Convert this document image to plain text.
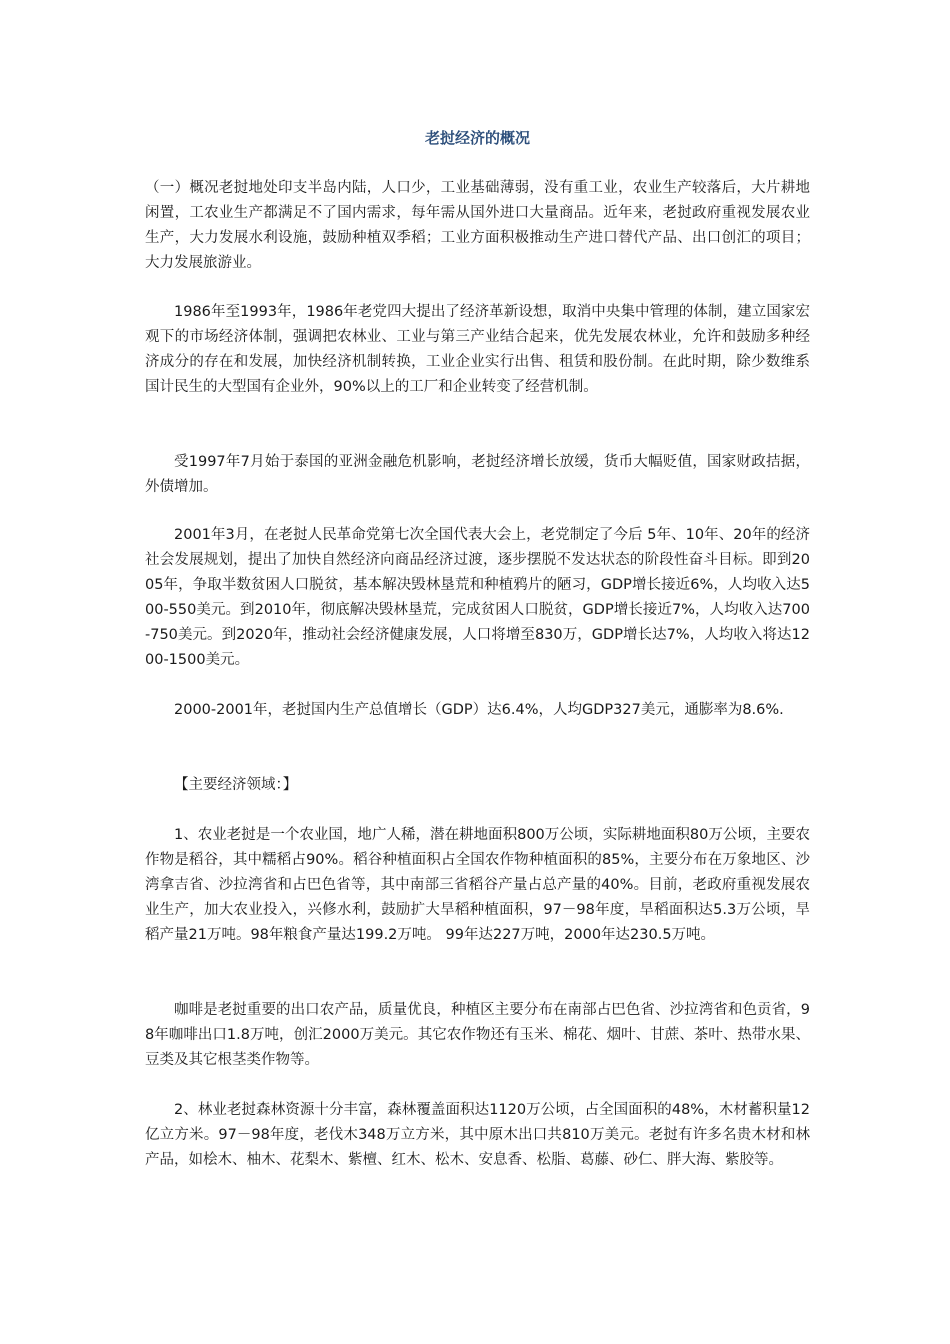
老挝经济的概况

（一）概况老挝地处印支半岛内陆，人口少，工业基础薄弱，没有重工业，农业生产较落后，大片耕地闲置，工农业生产都满足不了国内需求，每年需从国外进口大量商品。近年来，老挝政府重视发展农业生产，大力发展水利设施，鼓励种植双季稻；工业方面积极推动生产进口替代产品、出口创汇的项目；大力发展旅游业。

1986年至1993年，1986年老党四大提出了经济革新设想，取消中央集中管理的体制，建立国家宏观下的市场经济体制，强调把农林业、工业与第三产业结合起来，优先发展农林业，允许和鼓励多种经济成分的存在和发展，加快经济机制转换，工业企业实行出售、租赁和股份制。在此时期，除少数维系国计民生的大型国有企业外，90%以上的工厂和企业转变了经营机制。

受1997年7月始于泰国的亚洲金融危机影响，老挝经济增长放缓，货币大幅贬值，国家财政拮据，外债增加。

2001年3月，在老挝人民革命党第七次全国代表大会上，老党制定了今后 5年、10年、20年的经济社会发展规划，提出了加快自然经济向商品经济过渡，逐步摆脱不发达状态的阶段性奋斗目标。即到2005年，争取半数贫困人口脱贫，基本解决毁林垦荒和种植鸦片的陋习，GDP增长接近6%，人均收入达500-550美元。到2010年，彻底解决毁林垦荒，完成贫困人口脱贫，GDP增长接近7%，人均收入达700-750美元。到2020年，推动社会经济健康发展，人口将增至830万，GDP增长达7%，人均收入将达1200-1500美元。

2000-2001年，老挝国内生产总值增长（GDP）达6.4%，人均GDP327美元，通膨率为8.6%.

【主要经济领域：】

1、农业老挝是一个农业国，地广人稀，潜在耕地面积800万公顷，实际耕地面积80万公顷，主要农作物是稻谷，其中糯稻占90%。稻谷种植面积占全国农作物种植面积的85%，主要分布在万象地区、沙湾拿吉省、沙拉湾省和占巴色省等，其中南部三省稻谷产量占总产量的40%。目前，老政府重视发展农业生产，加大农业投入，兴修水利，鼓励扩大旱稻种植面积，97－98年度，旱稻面积达5.3万公顷，旱稻产量21万吨。98年粮食产量达199.2万吨。 99年达227万吨，2000年达230.5万吨。

咖啡是老挝重要的出口农产品，质量优良，种植区主要分布在南部占巴色省、沙拉湾省和色贡省，98年咖啡出口1.8万吨，创汇2000万美元。其它农作物还有玉米、棉花、烟叶、甘蔗、茶叶、热带水果、豆类及其它根茎类作物等。

2、林业老挝森林资源十分丰富，森林覆盖面积达1120万公顷，占全国面积的48%，木材蓄积量12亿立方米。97－98年度，老伐木348万立方米，其中原木出口共810万美元。老挝有许多名贵木材和林产品，如桧木、柚木、花梨木、紫檀、红木、松木、安息香、松脂、葛藤、砂仁、胖大海、紫胶等。
